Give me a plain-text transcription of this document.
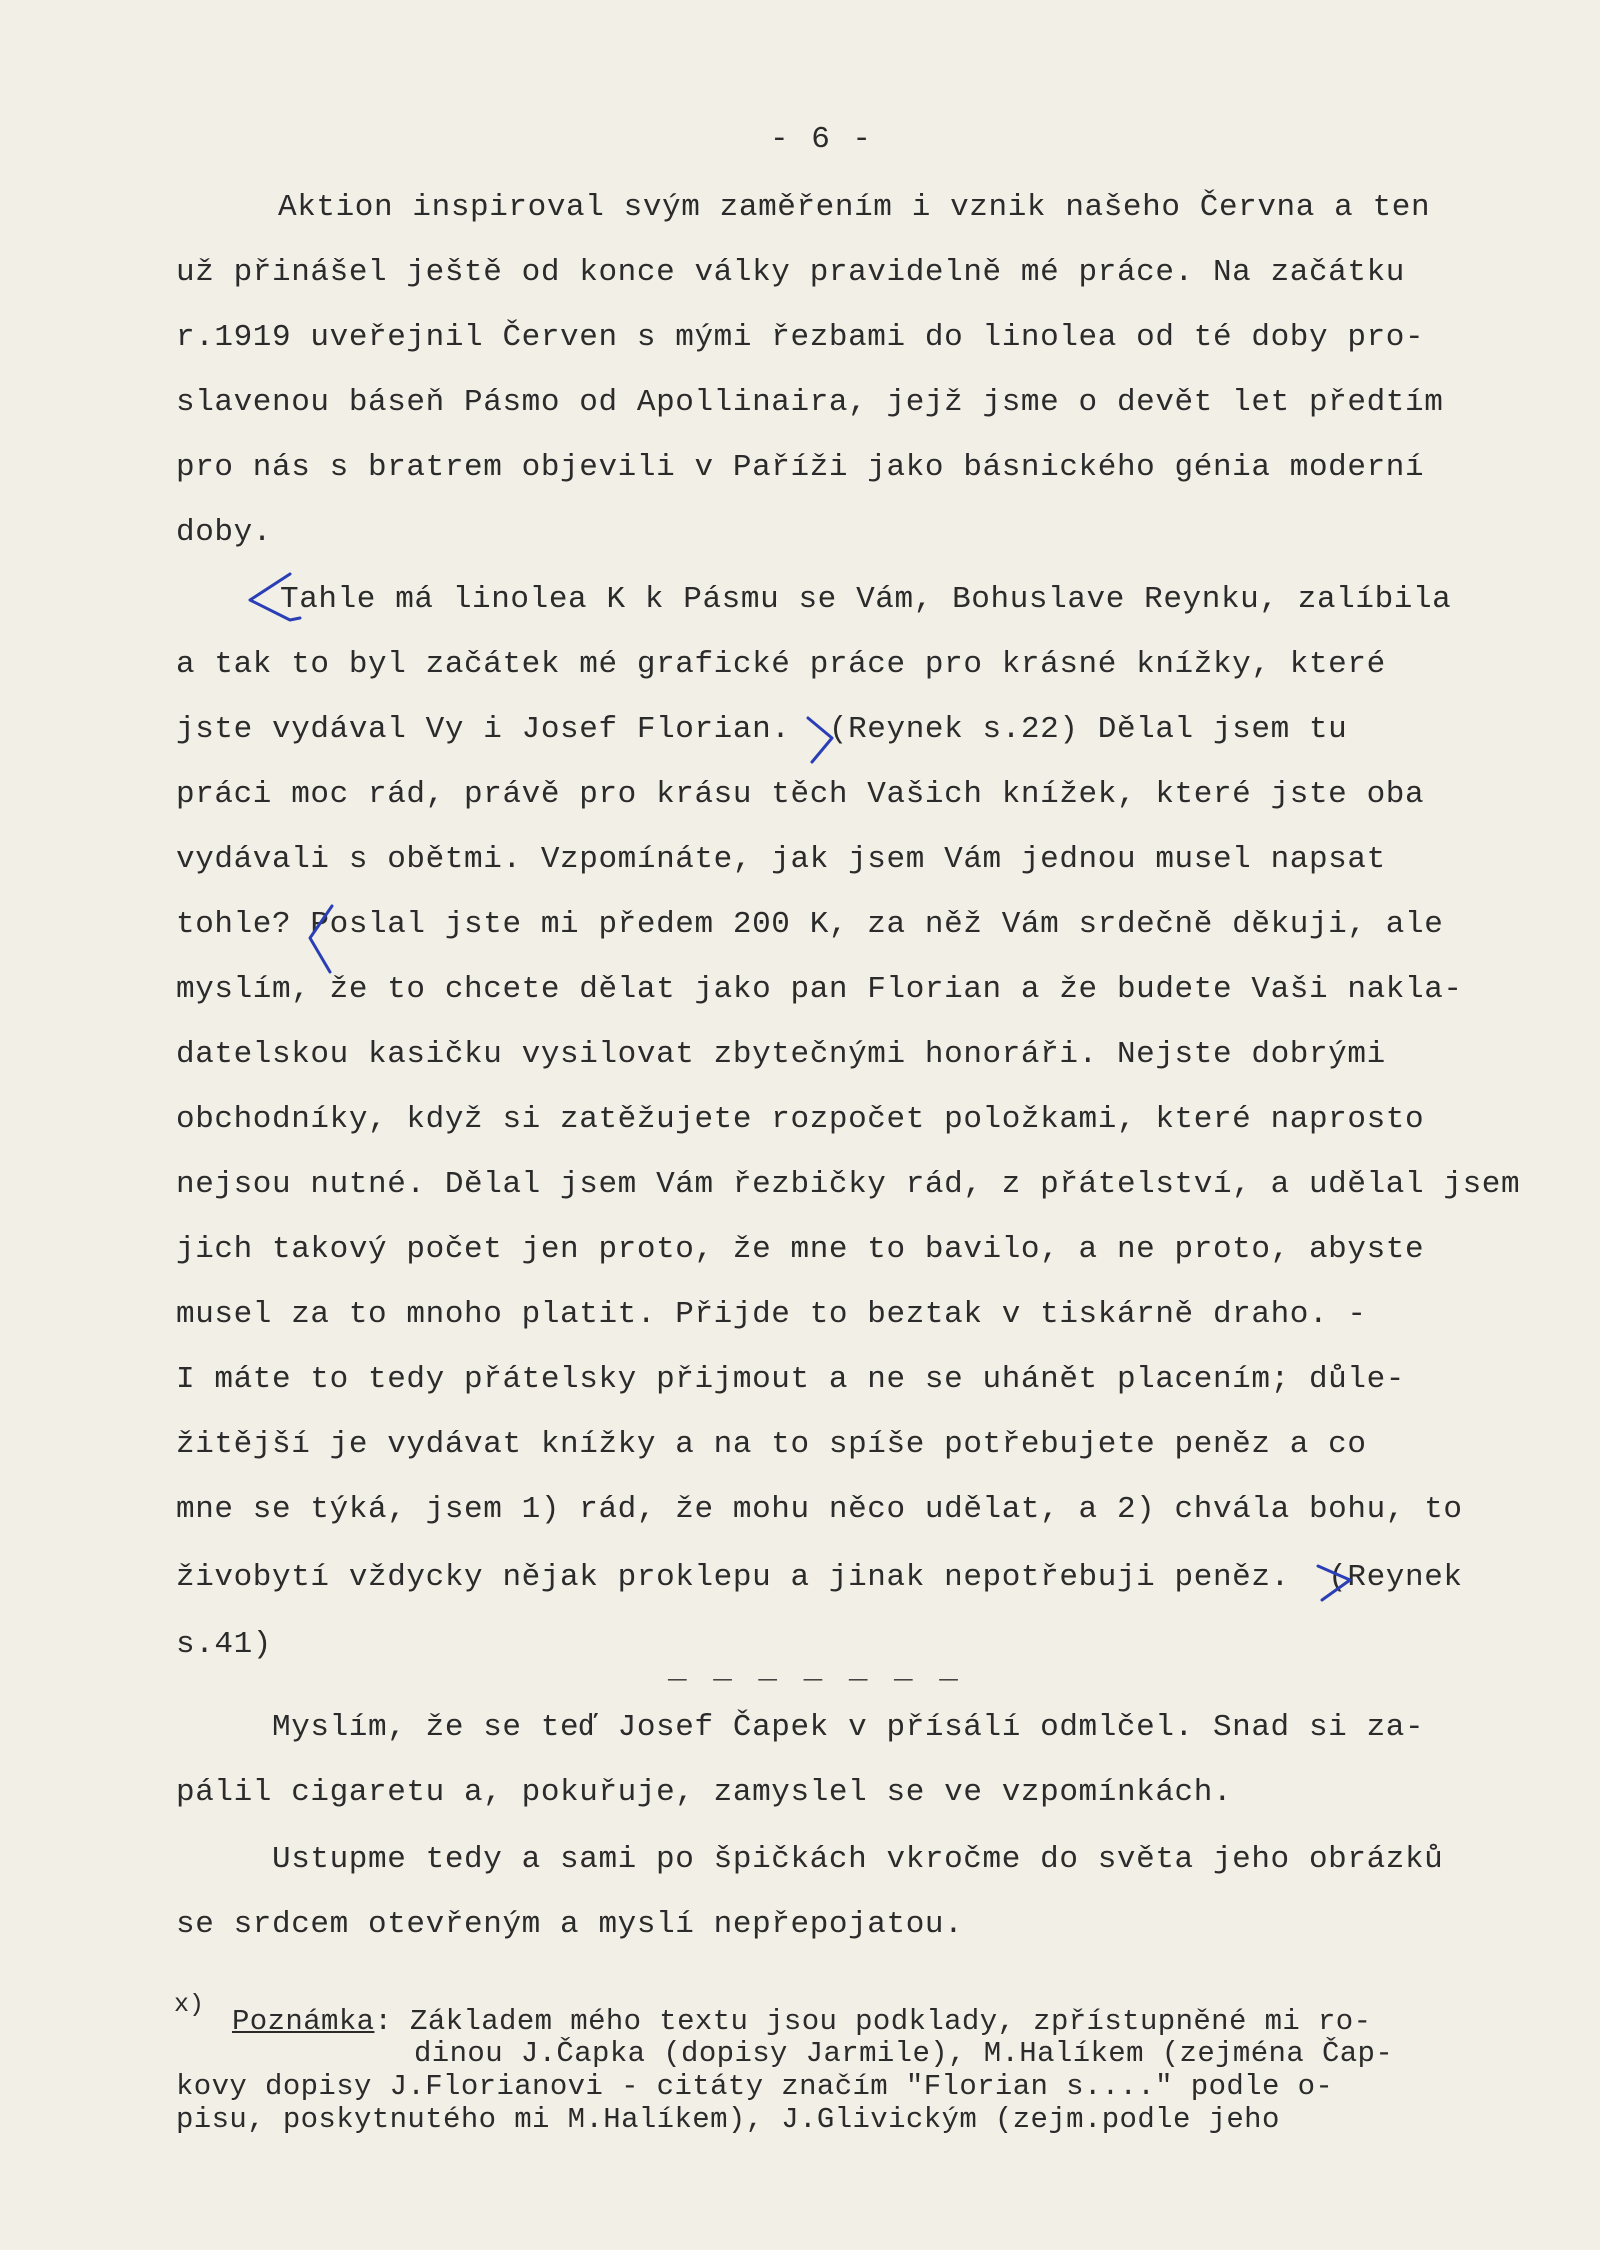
- 6 -
Aktion inspiroval svým zaměřením i vznik našeho Června a ten
už přinášel ještě od konce války pravidelně mé práce. Na začátku
r.1919 uveřejnil Červen s mými řezbami do linolea od té doby pro-
slavenou báseň Pásmo od Apollinaira, jejž jsme o devět let předtím
pro nás s bratrem objevili v Paříži jako básnického génia moderní
doby.
Tahle má linolea K k Pásmu se Vám, Bohuslave Reynku, zalíbila
a tak to byl začátek mé grafické práce pro krásné knížky, které
jste vydával Vy i Josef Florian.  (Reynek s.22) Dělal jsem tu
práci moc rád, právě pro krásu těch Vašich knížek, které jste oba
vydávali s obětmi. Vzpomínáte, jak jsem Vám jednou musel napsat
tohle? Poslal jste mi předem 200 K, za něž Vám srdečně děkuji, ale
myslím, že to chcete dělat jako pan Florian a že budete Vaši nakla-
datelskou kasičku vysilovat zbytečnými honoráři. Nejste dobrými
obchodníky, když si zatěžujete rozpočet položkami, které naprosto
nejsou nutné. Dělal jsem Vám řezbičky rád, z přátelství, a udělal jsem
jich takový počet jen proto, že mne to bavilo, a ne proto, abyste
musel za to mnoho platit. Přijde to beztak v tiskárně draho. -
I máte to tedy přátelsky přijmout a ne se uhánět placením; důle-
žitější je vydávat knížky a na to spíše potřebujete peněz a co
mne se týká, jsem 1) rád, že mohu něco udělat, a 2) chvála bohu, to
živobytí vždycky nějak proklepu a jinak nepotřebuji peněz.  (Reynek
s.41)
_ _ _ _ _ _ _
Myslím, že se teď Josef Čapek v přísálí odmlčel. Snad si za-
pálil cigaretu a, pokuřuje, zamyslel se ve vzpomínkách.
Ustupme tedy a sami po špičkách vkročme do světa jeho obrázků
se srdcem otevřeným a myslí nepřepojatou.
x)
Poznámka: Základem mého textu jsou podklady, zpřístupněné mi ro-
dinou J.Čapka (dopisy Jarmile), M.Halíkem (zejména Čap-
kovy dopisy J.Florianovi - citáty značím "Florian s...." podle o-
pisu, poskytnutého mi M.Halíkem), J.Glivickým (zejm.podle jeho
